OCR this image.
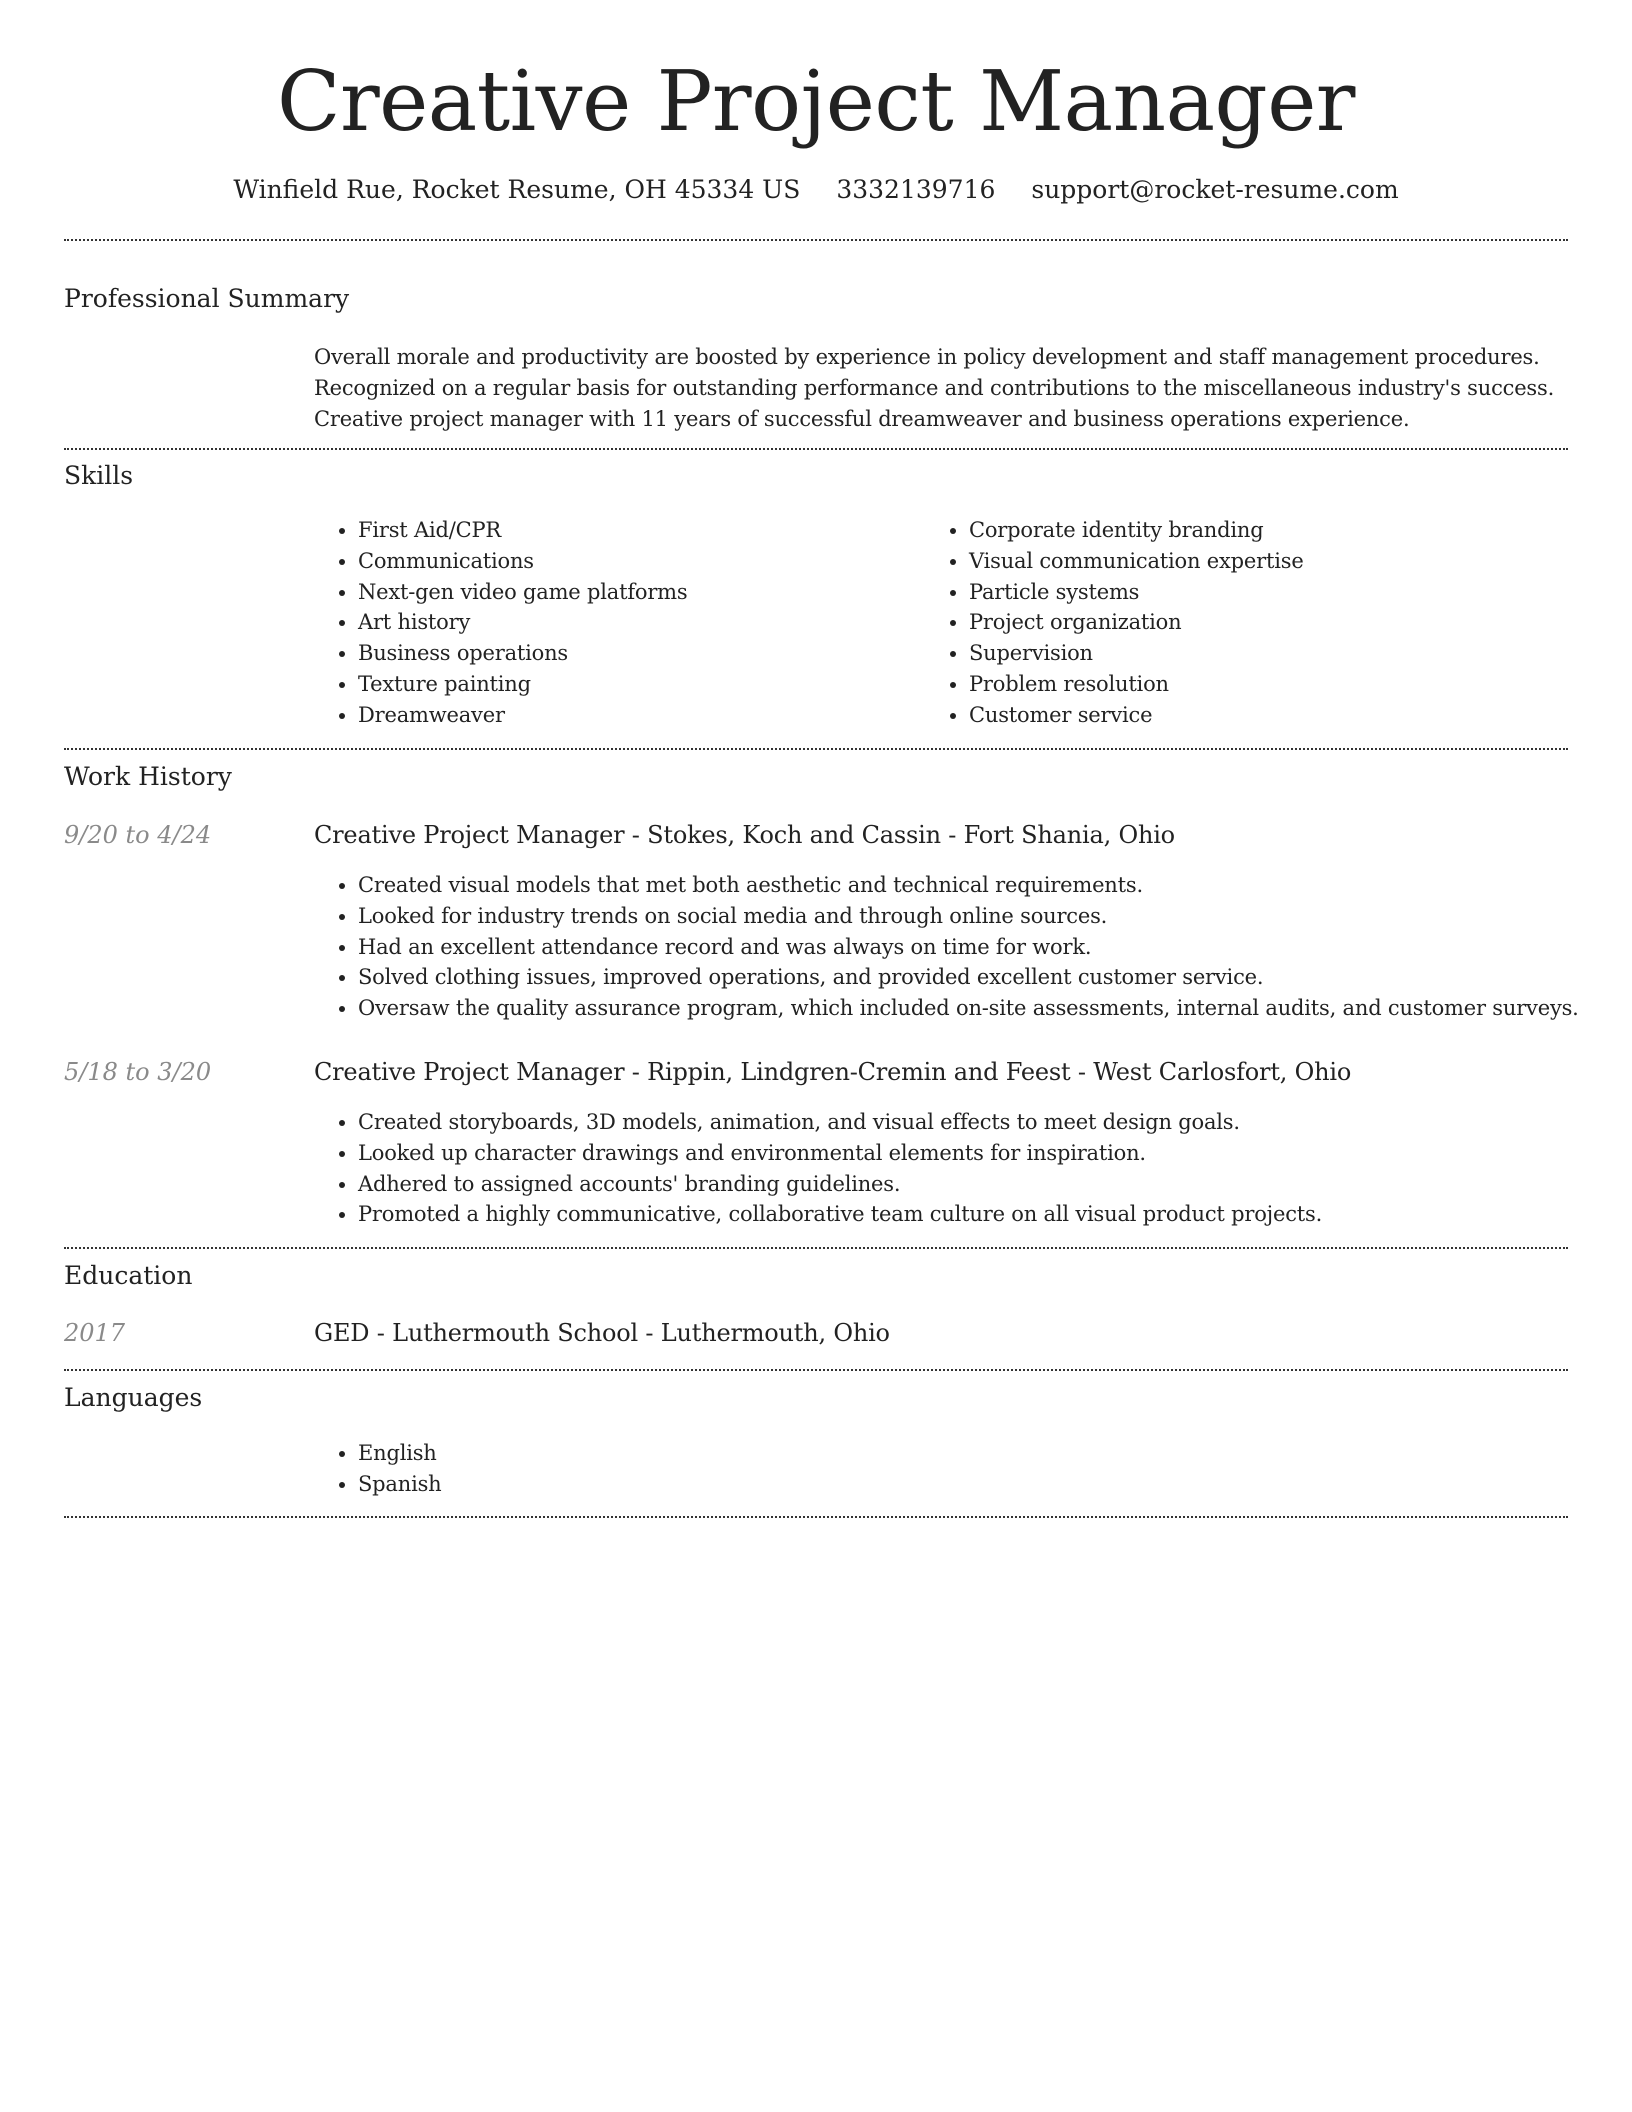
Creative Project Manager
Winfield Rue, Rocket Resume, OH 45334 US 3332139716 support@rocket-resume.com
Professional Summary
Overall morale and productivity are boosted by experience in policy development and staff management procedures.
Recognized on a regular basis for outstanding performance and contributions to the miscellaneous industry's success.
Creative project manager with 11 years of successful dreamweaver and business operations experience.
Skills
• First Aid/CPR
• Communications
• Next-gen video game platforms
• Art history
• Business operations
• Texture painting
• Dreamweaver
• Corporate identity branding
• Visual communication expertise
• Particle systems
• Project organization
• Supervision
• Problem resolution
• Customer service
Work History
9/20 to 4/24	Creative Project Manager - Stokes, Koch and Cassin - Fort Shania, Ohio
• Created visual models that met both aesthetic and technical requirements.
• Looked for industry trends on social media and through online sources.
• Had an excellent attendance record and was always on time for work.
• Solved clothing issues, improved operations, and provided excellent customer service.
• Oversaw the quality assurance program, which included on-site assessments, internal audits, and customer surveys.
5/18 to 3/20	Creative Project Manager - Rippin, Lindgren-Cremin and Feest - West Carlosfort, Ohio
• Created storyboards, 3D models, animation, and visual effects to meet design goals.
• Looked up character drawings and environmental elements for inspiration.
• Adhered to assigned accounts' branding guidelines.
• Promoted a highly communicative, collaborative team culture on all visual product projects.
Education
2017	GED - Luthermouth School - Luthermouth, Ohio
Languages
• English
• Spanish
